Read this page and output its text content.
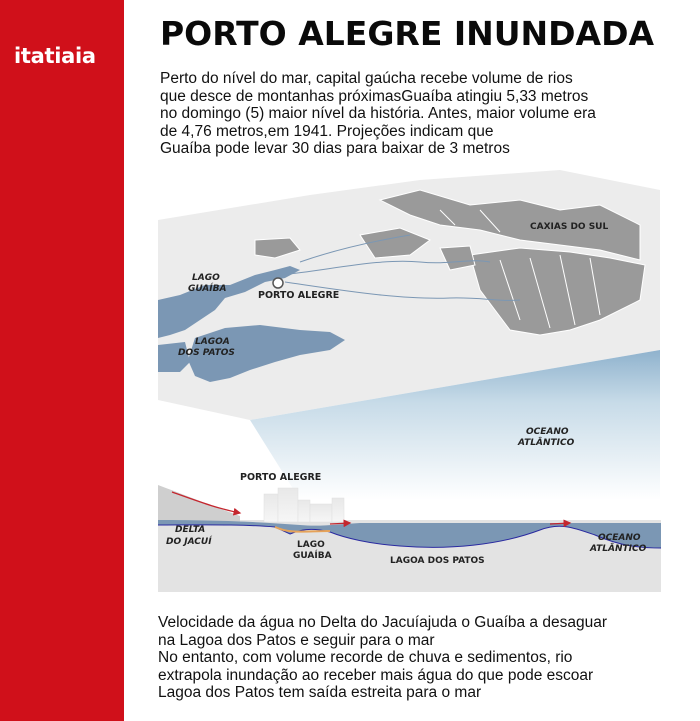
itatiaia
PORTO ALEGRE INUNDADA
Perto do nível do mar, capital gaúcha recebe volume de rios
que desce de montanhas próximasGuaíba atingiu 5,33 metros
no domingo (5) maior nível da história. Antes, maior volume era
de 4,76 metros,em 1941. Projeções indicam que
Guaíba pode levar 30 dias para baixar de 3 metros
CAXIAS DO SUL
LAGO
GUAÍBA
PORTO ALEGRE
LAGOA
DOS PATOS
OCEANO
ATLÂNTICO
PORTO ALEGRE
DELTA
DO JACUÍ	LAGO
GUAÍBA	LAGOA DOS PATOS
OCEANO
ATLÂNTICO
Velocidade da água no Delta do Jacuíajuda o Guaíba a desaguar
na Lagoa dos Patos e seguir para o mar
No entanto, com volume recorde de chuva e sedimentos, rio
extrapola inundação ao receber mais água do que pode escoar
Lagoa dos Patos tem saída estreita para o mar
